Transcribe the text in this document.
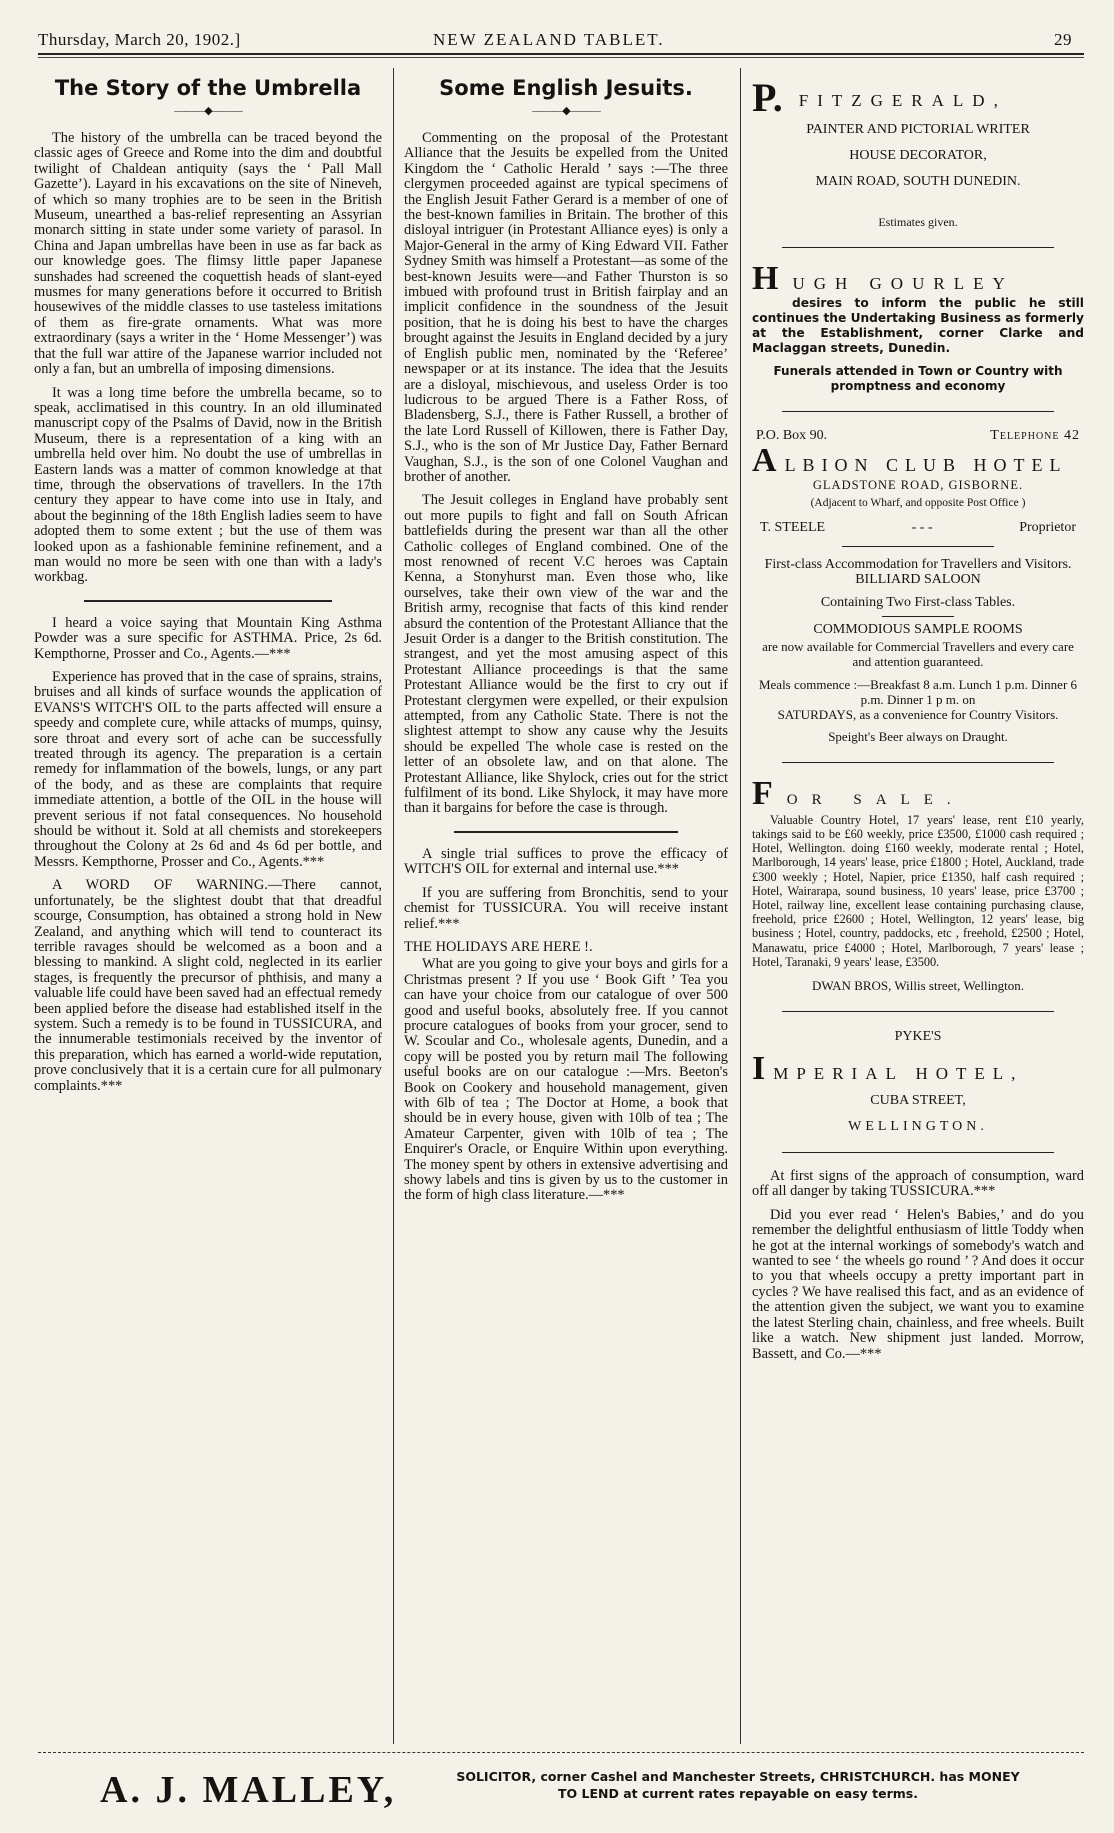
Thursday, March 20, 1902.]	NEW ZEALAND TABLET.	29
The Story of the Umbrella
———◆———

The history of the umbrella can be traced beyond the classic ages of Greece and Rome into the dim and doubtful twilight of Chaldean antiquity (says the ‘ Pall Mall Gazette’). Layard in his excavations on the site of Nineveh, of which so many trophies are to be seen in the British Museum, unearthed a bas-relief representing an Assyrian monarch sitting in state under some variety of parasol. In China and Japan umbrellas have been in use as far back as our knowledge goes. The flimsy little paper Japanese sunshades had screened the coquettish heads of slant-eyed musmes for many generations before it occurred to British housewives of the middle classes to use tasteless imitations of them as fire-grate ornaments. What was more extraordinary (says a writer in the ‘ Home Messenger’) was that the full war attire of the Japanese warrior included not only a fan, but an umbrella of imposing dimensions.

It was a long time before the umbrella became, so to speak, acclimatised in this country. In an old illuminated manuscript copy of the Psalms of David, now in the British Museum, there is a representation of a king with an umbrella held over him. No doubt the use of umbrellas in Eastern lands was a matter of common knowledge at that time, through the observations of travellers. In the 17th century they appear to have come into use in Italy, and about the beginning of the 18th English ladies seem to have adopted them to some extent ; but the use of them was looked upon as a fashionable feminine refinement, and a man would no more be seen with one than with a lady's workbag.

I heard a voice saying that Mountain King Asthma Powder was a sure specific for ASTHMA. Price, 2s 6d. Kempthorne, Prosser and Co., Agents.—***

Experience has proved that in the case of sprains, strains, bruises and all kinds of surface wounds the application of EVANS'S WITCH'S OIL to the parts affected will ensure a speedy and complete cure, while attacks of mumps, quinsy, sore throat and every sort of ache can be successfully treated through its agency. The preparation is a certain remedy for inflammation of the bowels, lungs, or any part of the body, and as these are complaints that require immediate attention, a bottle of the OIL in the house will prevent serious if not fatal consequences. No household should be without it. Sold at all chemists and storekeepers throughout the Colony at 2s 6d and 4s 6d per bottle, and Messrs. Kempthorne, Prosser and Co., Agents.***

A WORD OF WARNING.—There cannot, unfortunately, be the slightest doubt that that dreadful scourge, Consumption, has obtained a strong hold in New Zealand, and anything which will tend to counteract its terrible ravages should be welcomed as a boon and a blessing to mankind. A slight cold, neglected in its earlier stages, is frequently the precursor of phthisis, and many a valuable life could have been saved had an effectual remedy been applied before the disease had established itself in the system. Such a remedy is to be found in TUSSICURA, and the innumerable testimonials received by the inventor of this preparation, which has earned a world-wide reputation, prove conclusively that it is a certain cure for all pulmonary complaints.***

Some English Jesuits.
———◆———

Commenting on the proposal of the Protestant Alliance that the Jesuits be expelled from the United Kingdom the ‘ Catholic Herald ’ says :—The three clergymen proceeded against are typical specimens of the English Jesuit Father Gerard is a member of one of the best-known families in Britain. The brother of this disloyal intriguer (in Protestant Alliance eyes) is only a Major-General in the army of King Edward VII. Father Sydney Smith was himself a Protestant—as some of the best-known Jesuits were—and Father Thurston is so imbued with profound trust in British fairplay and an implicit confidence in the soundness of the Jesuit position, that he is doing his best to have the charges brought against the Jesuits in England decided by a jury of English public men, nominated by the ‘Referee’ newspaper or at its instance. The idea that the Jesuits are a disloyal, mischievous, and useless Order is too ludicrous to be argued There is a Father Ross, of Bladensberg, S.J., there is Father Russell, a brother of the late Lord Russell of Killowen, there is Father Day, S.J., who is the son of Mr Justice Day, Father Bernard Vaughan, S.J., is the son of one Colonel Vaughan and brother of another.

The Jesuit colleges in England have probably sent out more pupils to fight and fall on South African battlefields during the present war than all the other Catholic colleges of England combined. One of the most renowned of recent V.C heroes was Captain Kenna, a Stonyhurst man. Even those who, like ourselves, take their own view of the war and the British army, recognise that facts of this kind render absurd the contention of the Protestant Alliance that the Jesuit Order is a danger to the British constitution. The strangest, and yet the most amusing aspect of this Protestant Alliance proceedings is that the same Protestant Alliance would be the first to cry out if Protestant clergymen were expelled, or their expulsion attempted, from any Catholic State. There is not the slightest attempt to show any cause why the Jesuits should be expelled The whole case is rested on the letter of an obsolete law, and on that alone. The Protestant Alliance, like Shylock, cries out for the strict fulfilment of its bond. Like Shylock, it may have more than it bargains for before the case is through.

A single trial suffices to prove the efficacy of WITCH'S OIL for external and internal use.***

If you are suffering from Bronchitis, send to your chemist for TUSSICURA. You will receive instant relief.***

THE HOLIDAYS ARE HERE !.

What are you going to give your boys and girls for a Christmas present ? If you use ‘ Book Gift ’ Tea you can have your choice from our catalogue of over 500 good and useful books, absolutely free. If you cannot procure catalogues of books from your grocer, send to W. Scoular and Co., wholesale agents, Dunedin, and a copy will be posted you by return mail The following useful books are on our catalogue :—Mrs. Beeton's Book on Cookery and household management, given with 6lb of tea ; The Doctor at Home, a book that should be in every house, given with 10lb of tea ; The Amateur Carpenter, given with 10lb of tea ; The Enquirer's Oracle, or Enquire Within upon everything. The money spent by others in extensive advertising and showy labels and tins is given by us to the customer in the form of high class literature.—***

P. FITZGERALD,

PAINTER AND PICTORIAL WRITER

HOUSE DECORATOR,

MAIN ROAD, SOUTH DUNEDIN.

Estimates given.

H UGH GOURLEY

desires to inform the public he still continues the Undertaking Business as formerly at the Establishment, corner Clarke and Maclaggan streets, Dunedin.

Funerals attended in Town or Country with promptness and economy

P.O. Box 90.	Telephone 42
A LBION CLUB HOTEL

GLADSTONE ROAD, GISBORNE.

(Adjacent to Wharf, and opposite Post Office )

T. STEELE	- - -	Proprietor

First-class Accommodation for Travellers and Visitors.

BILLIARD SALOON

Containing Two First-class Tables.

COMMODIOUS SAMPLE ROOMS

are now available for Commercial Travellers and every care and attention guaranteed.

Meals commence :—Breakfast 8 a.m. Lunch 1 p.m. Dinner 6 p.m. Dinner 1 p m. on

SATURDAYS, as a convenience for Country Visitors.

Speight's Beer always on Draught.

F OR SALE.

Valuable Country Hotel, 17 years' lease, rent £10 yearly, takings said to be £60 weekly, price £3500, £1000 cash required ; Hotel, Wellington. doing £160 weekly, moderate rental ; Hotel, Marlborough, 14 years' lease, price £1800 ; Hotel, Auckland, trade £300 weekly ; Hotel, Napier, price £1350, half cash required ; Hotel, Wairarapa, sound business, 10 years' lease, price £3700 ; Hotel, railway line, excellent lease containing purchasing clause, freehold, price £2600 ; Hotel, Wellington, 12 years' lease, big business ; Hotel, country, paddocks, etc , freehold, £2500 ; Hotel, Manawatu, price £4000 ; Hotel, Marlborough, 7 years' lease ; Hotel, Taranaki, 9 years' lease, £3500.

DWAN BROS, Willis street, Wellington.

PYKE'S

I MPERIAL HOTEL,

CUBA STREET,

WELLINGTON.

At first signs of the approach of consumption, ward off all danger by taking TUSSICURA.***

Did you ever read ‘ Helen's Babies,’ and do you remember the delightful enthusiasm of little Toddy when he got at the internal workings of somebody's watch and wanted to see ‘ the wheels go round ’ ? And does it occur to you that wheels occupy a pretty important part in cycles ? We have realised this fact, and as an evidence of the attention given the subject, we want you to examine the latest Sterling chain, chainless, and free wheels. Built like a watch. New shipment just landed. Morrow, Bassett, and Co.—***

A. J. MALLEY,	SOLICITOR, corner Cashel and Manchester Streets, CHRISTCHURCH. has MONEY
TO LEND at current rates repayable on easy terms.
